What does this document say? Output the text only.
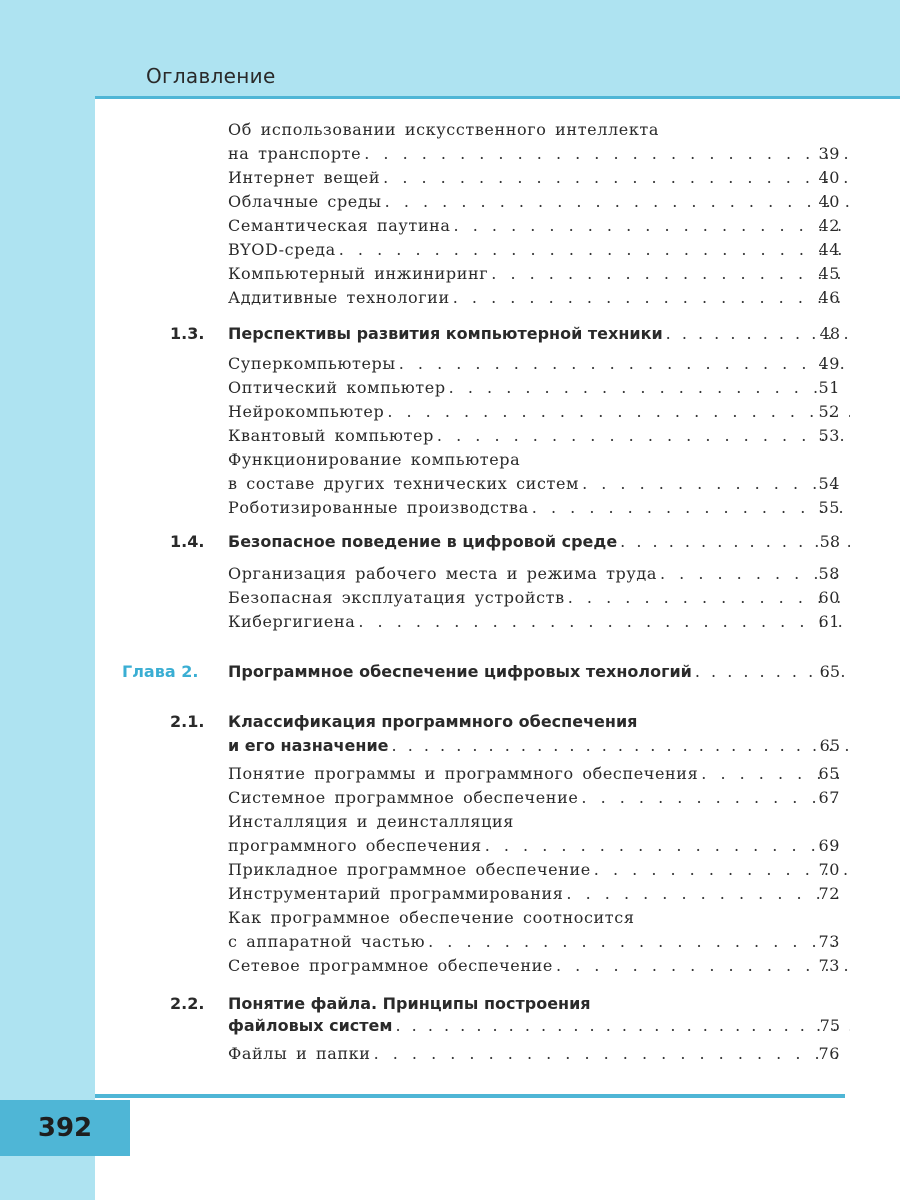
Оглавление
Об использовании искусственного интеллекта
на транспорте . . .	39
Интернет вещей . . .	40
Облачные среды . . .	40
Семантическая паутина . . .	42
BYOD-среда . . .	44
Компьютерный инжиниринг . . .	45
Аддитивные технологии . . .	46
1.3. Перспективы развития компьютерной техники . . .	48
Суперкомпьютеры . . .	49
Оптический компьютер . . .	51
Нейрокомпьютер . . .	52
Квантовый компьютер . . .	53
Функционирование компьютера
в составе других технических систем . . .	54
Роботизированные производства . . .	55
1.4. Безопасное поведение в цифровой среде . . .	58
Организация рабочего места и режима труда . . .	58
Безопасная эксплуатация устройств . . .	60
Кибергигиена . . .	61
Глава 2. Программное обеспечение цифровых технологий . . .	65
2.1. Классификация программного обеспечения
и его назначение . . .	65
Понятие программы и программного обеспечения . . .	65
Системное программное обеспечение . . .	67
Инсталляция и деинсталляция
программного обеспечения . . .	69
Прикладное программное обеспечение . . .	70
Инструментарий программирования . . .	72
Как программное обеспечение соотносится
с аппаратной частью . . .	73
Сетевое программное обеспечение . . .	73
2.2. Понятие файла. Принципы построения
файловых систем . . .	75
Файлы и папки . . .	76
392
